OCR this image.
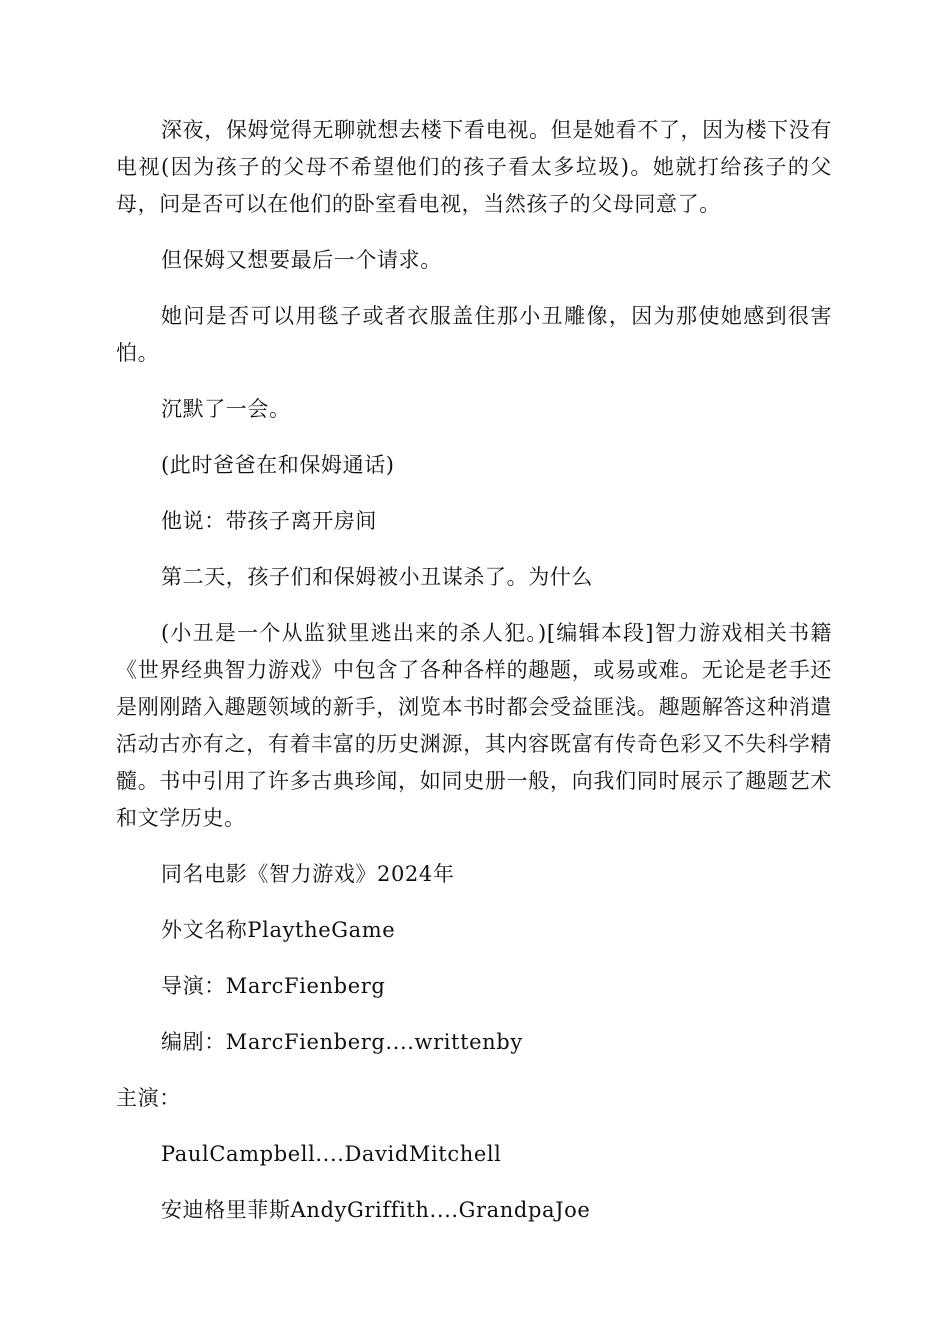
深夜，保姆觉得无聊就想去楼下看电视。但是她看不了，因为楼下没有电视(因为孩子的父母不希望他们的孩子看太多垃圾)。她就打给孩子的父母，问是否可以在他们的卧室看电视，当然孩子的父母同意了。

但保姆又想要最后一个请求。

她问是否可以用毯子或者衣服盖住那小丑雕像，因为那使她感到很害怕。

沉默了一会。

(此时爸爸在和保姆通话)

他说：带孩子离开房间

第二天，孩子们和保姆被小丑谋杀了。为什么

(小丑是一个从监狱里逃出来的杀人犯。)[编辑本段]智力游戏相关书籍《世界经典智力游戏》中包含了各种各样的趣题，或易或难。无论是老手还是刚刚踏入趣题领域的新手，浏览本书时都会受益匪浅。趣题解答这种消遣活动古亦有之，有着丰富的历史渊源，其内容既富有传奇色彩又不失科学精髓。书中引用了许多古典珍闻，如同史册一般，向我们同时展示了趣题艺术和文学历史。

同名电影《智力游戏》2024年

外文名称PlaytheGame

导演：MarcFienberg

编剧：MarcFienberg....writtenby

主演：

PaulCampbell....DavidMitchell

安迪格里菲斯AndyGriffith....GrandpaJoe
